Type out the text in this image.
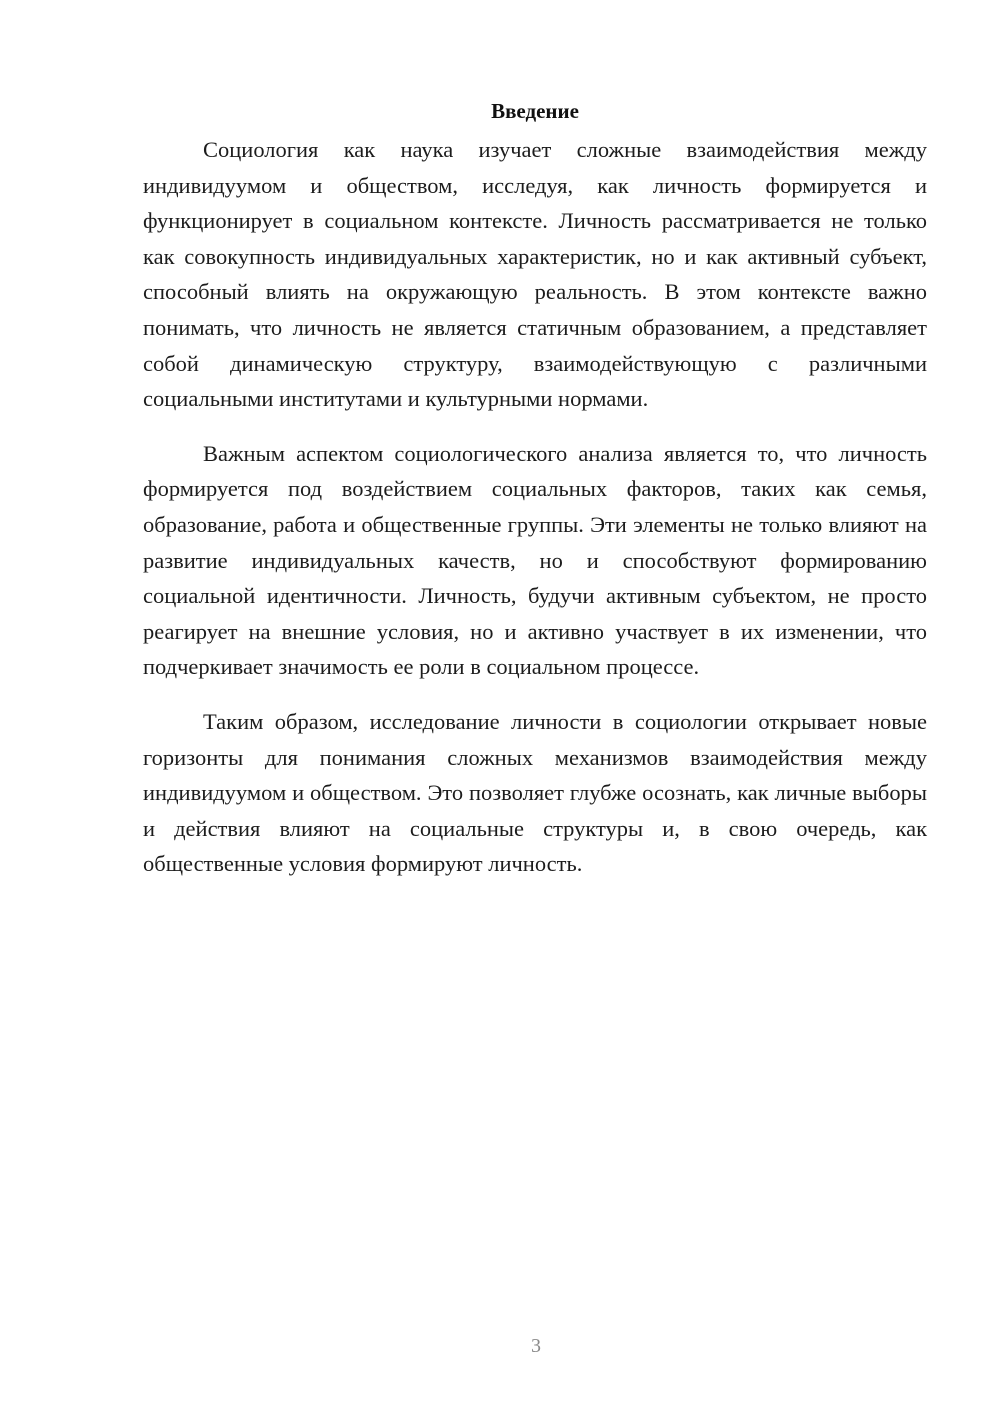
Введение

Социология как наука изучает сложные взаимодействия между индивидуумом и обществом, исследуя, как личность формируется и функционирует в социальном контексте. Личность рассматривается не только как совокупность индивидуальных характеристик, но и как активный субъект, способный влиять на окружающую реальность. В этом контексте важно понимать, что личность не является статичным образованием, а представляет собой динамическую структуру, взаимодействующую с различными социальными институтами и культурными нормами.

Важным аспектом социологического анализа является то, что личность формируется под воздействием социальных факторов, таких как семья, образование, работа и общественные группы. Эти элементы не только влияют на развитие индивидуальных качеств, но и способствуют формированию социальной идентичности. Личность, будучи активным субъектом, не просто реагирует на внешние условия, но и активно участвует в их изменении, что подчеркивает значимость ее роли в социальном процессе.

Таким образом, исследование личности в социологии открывает новые горизонты для понимания сложных механизмов взаимодействия между индивидуумом и обществом. Это позволяет глубже осознать, как личные выборы и действия влияют на социальные структуры и, в свою очередь, как общественные условия формируют личность.

3
